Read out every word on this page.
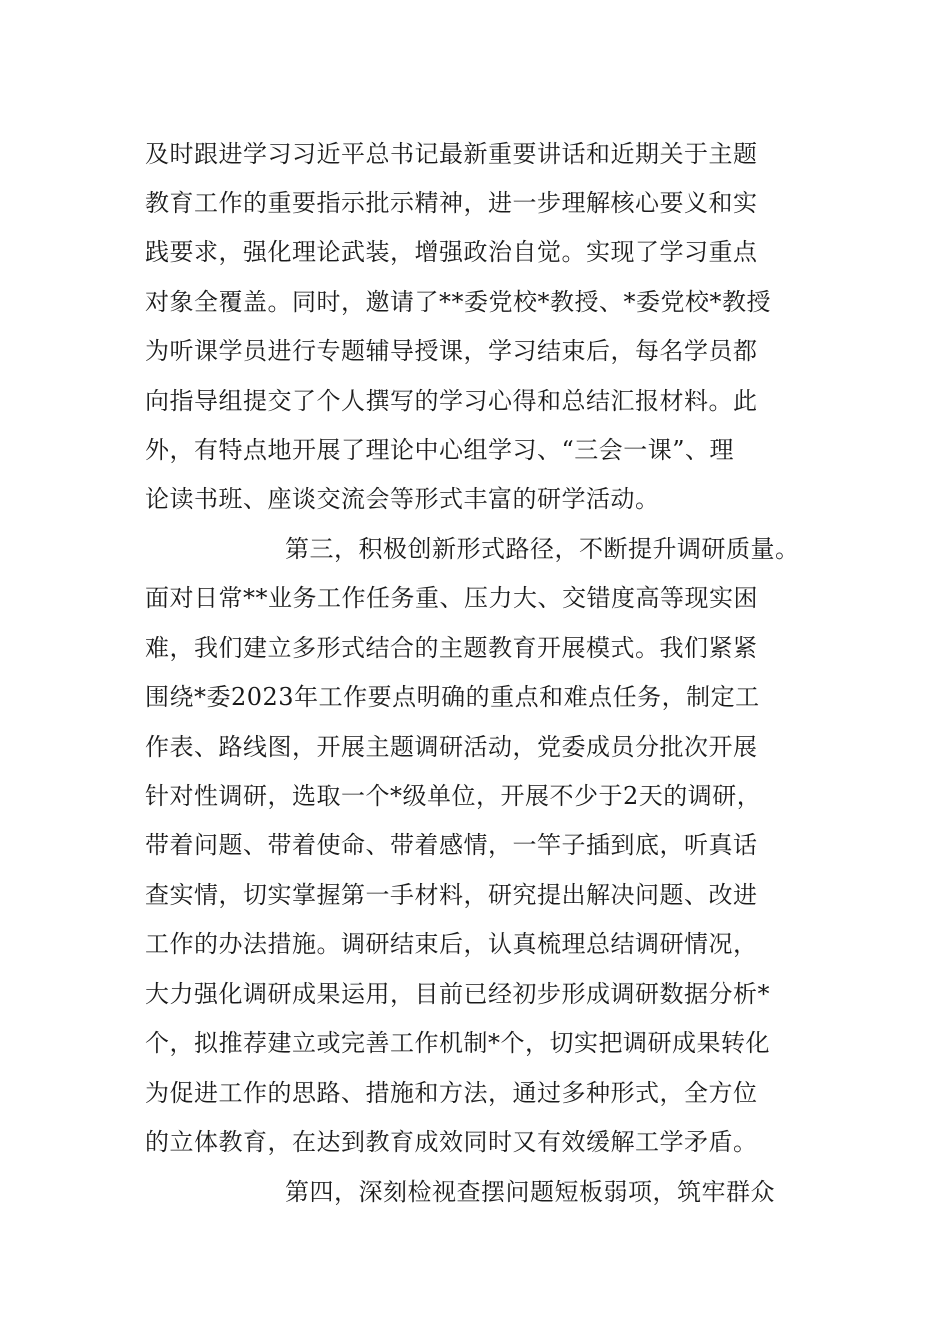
及时跟进学习习近平总书记最新重要讲话和近期关于主题
教育工作的重要指示批示精神，进一步理解核心要义和实
践要求，强化理论武装，增强政治自觉。实现了学习重点
对象全覆盖。同时，邀请了**委党校*教授、*委党校*教授
为听课学员进行专题辅导授课，学习结束后，每名学员都
向指导组提交了个人撰写的学习心得和总结汇报材料。此
外，有特点地开展了理论中心组学习、“三会一课”、理
论读书班、座谈交流会等形式丰富的研学活动。
第三，积极创新形式路径，不断提升调研质量。
面对日常**业务工作任务重、压力大、交错度高等现实困
难，我们建立多形式结合的主题教育开展模式。我们紧紧
围绕*委2023年工作要点明确的重点和难点任务，制定工
作表、路线图，开展主题调研活动，党委成员分批次开展
针对性调研，选取一个*级单位，开展不少于2天的调研，
带着问题、带着使命、带着感情，一竿子插到底，听真话
查实情，切实掌握第一手材料，研究提出解决问题、改进
工作的办法措施。调研结束后，认真梳理总结调研情况，
大力强化调研成果运用，目前已经初步形成调研数据分析*
个，拟推荐建立或完善工作机制*个，切实把调研成果转化
为促进工作的思路、措施和方法，通过多种形式，全方位
的立体教育，在达到教育成效同时又有效缓解工学矛盾。
第四，深刻检视查摆问题短板弱项，筑牢群众
